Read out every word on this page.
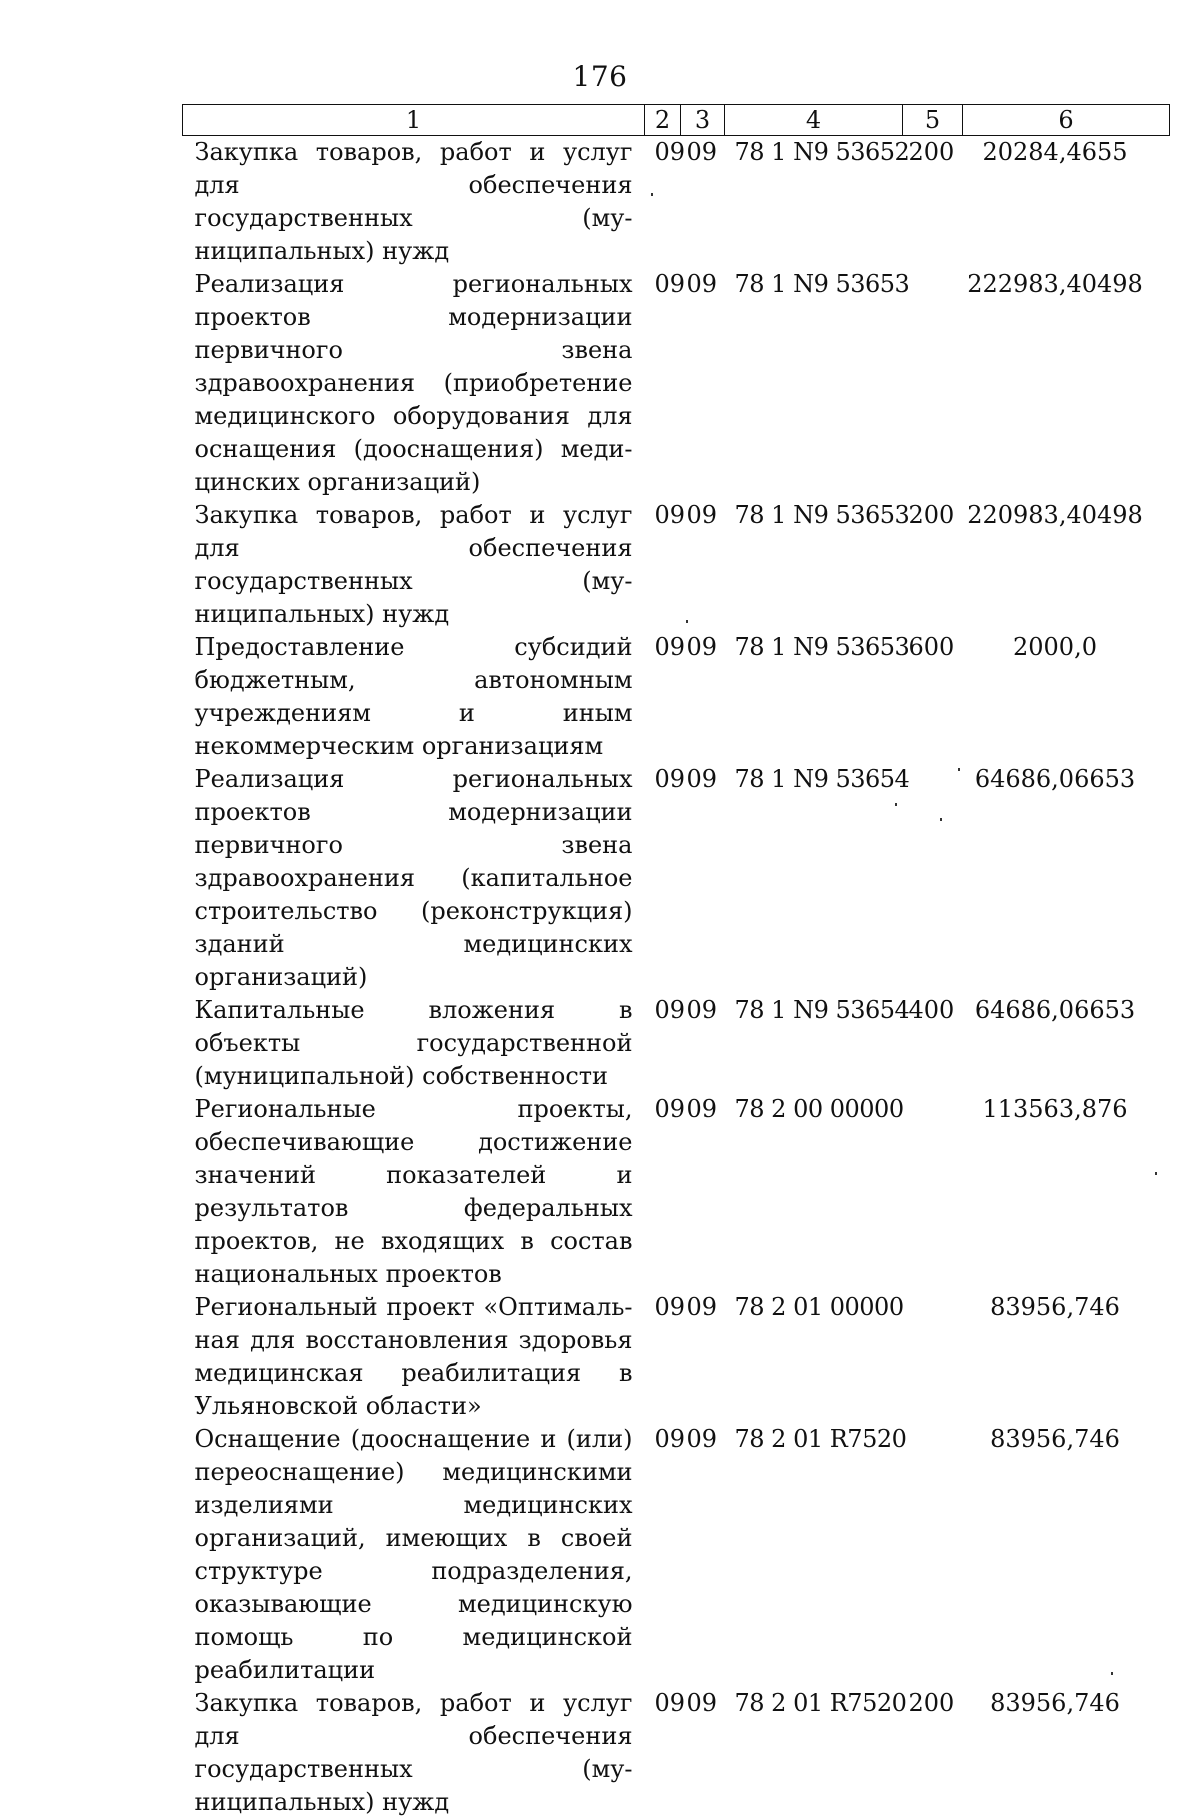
176
1	2	3	4	5	6
Закупка товаров, работ и услуг для обеспечения государственных (муниципальных) нужд	09	09	78 1 N9 53652	200	20284,4655
Реализация региональных проектов модернизации первичного звена здравоохранения (приобретение медицинского оборудования для оснащения (дооснащения) медицинских организаций)	09	09	78 1 N9 53653		222983,40498
Закупка товаров, работ и услуг для обеспечения государственных (муниципальных) нужд	09	09	78 1 N9 53653	200	220983,40498
Предоставление субсидий бюджетным, автономным учреждениям и иным некоммерческим организациям	09	09	78 1 N9 53653	600	2000,0
Реализация региональных проектов модернизации первичного звена здравоохранения (капитальное строительство (реконструкция) зданий медицинских организаций)	09	09	78 1 N9 53654		64686,06653
Капитальные вложения в объекты государственной (муниципальной) собственности	09	09	78 1 N9 53654	400	64686,06653
Региональные проекты, обеспечивающие достижение значений показателей и результатов федеральных проектов, не входящих в состав национальных проектов	09	09	78 2 00 00000		113563,876
Региональный проект «Оптимальная для восстановления здоровья медицинская реабилитация в Ульяновской области»	09	09	78 2 01 00000		83956,746
Оснащение (дооснащение и (или) переоснащение) медицинскими изделиями медицинских организаций, имеющих в своей структуре подразделения, оказывающие медицинскую помощь по медицинской реабилитации	09	09	78 2 01 R7520		83956,746
Закупка товаров, работ и услуг для обеспечения государственных (муниципальных) нужд	09	09	78 2 01 R7520	200	83956,746
